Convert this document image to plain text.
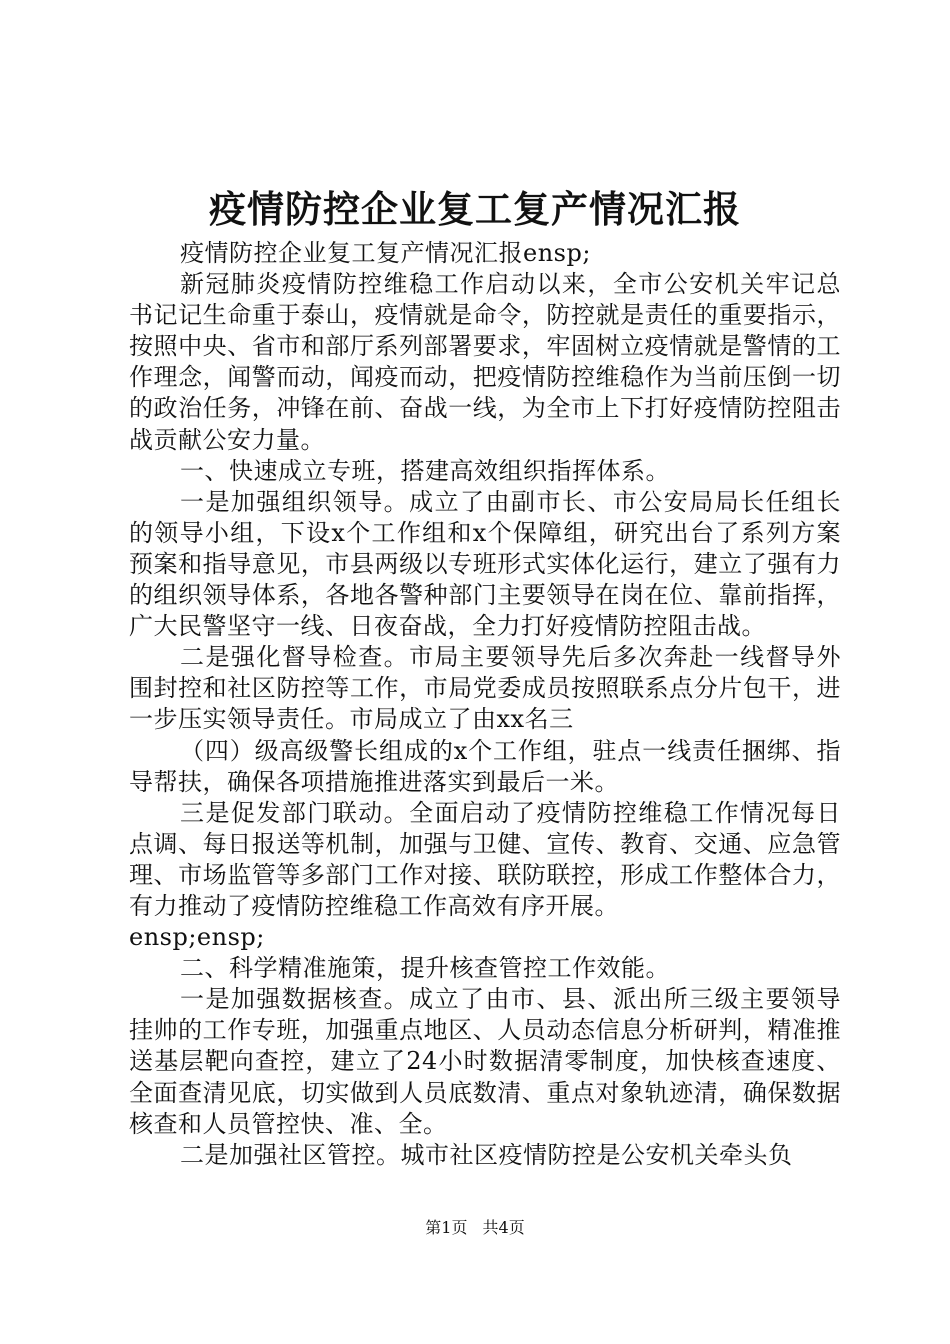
疫情防控企业复工复产情况汇报

疫情防控企业复工复产情况汇报ensp;

新冠肺炎疫情防控维稳工作启动以来，全市公安机关牢记总书记记生命重于泰山，疫情就是命令，防控就是责任的重要指示，按照中央、省市和部厅系列部署要求，牢固树立疫情就是警情的工作理念，闻警而动，闻疫而动，把疫情防控维稳作为当前压倒一切的政治任务，冲锋在前、奋战一线，为全市上下打好疫情防控阻击战贡献公安力量。

一、快速成立专班，搭建高效组织指挥体系。

一是加强组织领导。成立了由副市长、市公安局局长任组长的领导小组，下设x个工作组和x个保障组，研究出台了系列方案预案和指导意见，市县两级以专班形式实体化运行，建立了强有力的组织领导体系，各地各警种部门主要领导在岗在位、靠前指挥，广大民警坚守一线、日夜奋战，全力打好疫情防控阻击战。

二是强化督导检查。市局主要领导先后多次奔赴一线督导外围封控和社区防控等工作，市局党委成员按照联系点分片包干，进一步压实领导责任。市局成立了由xx名三

（四）级高级警长组成的x个工作组，驻点一线责任捆绑、指导帮扶，确保各项措施推进落实到最后一米。

三是促发部门联动。全面启动了疫情防控维稳工作情况每日点调、每日报送等机制，加强与卫健、宣传、教育、交通、应急管理、市场监管等多部门工作对接、联防联控，形成工作整体合力，有力推动了疫情防控维稳工作高效有序开展。

ensp;ensp;

二、科学精准施策，提升核查管控工作效能。

一是加强数据核查。成立了由市、县、派出所三级主要领导挂帅的工作专班，加强重点地区、人员动态信息分析研判，精准推送基层靶向查控，建立了24小时数据清零制度，加快核查速度、全面查清见底，切实做到人员底数清、重点对象轨迹清，确保数据核查和人员管控快、准、全。

二是加强社区管控。城市社区疫情防控是公安机关牵头负

第1页 共4页
